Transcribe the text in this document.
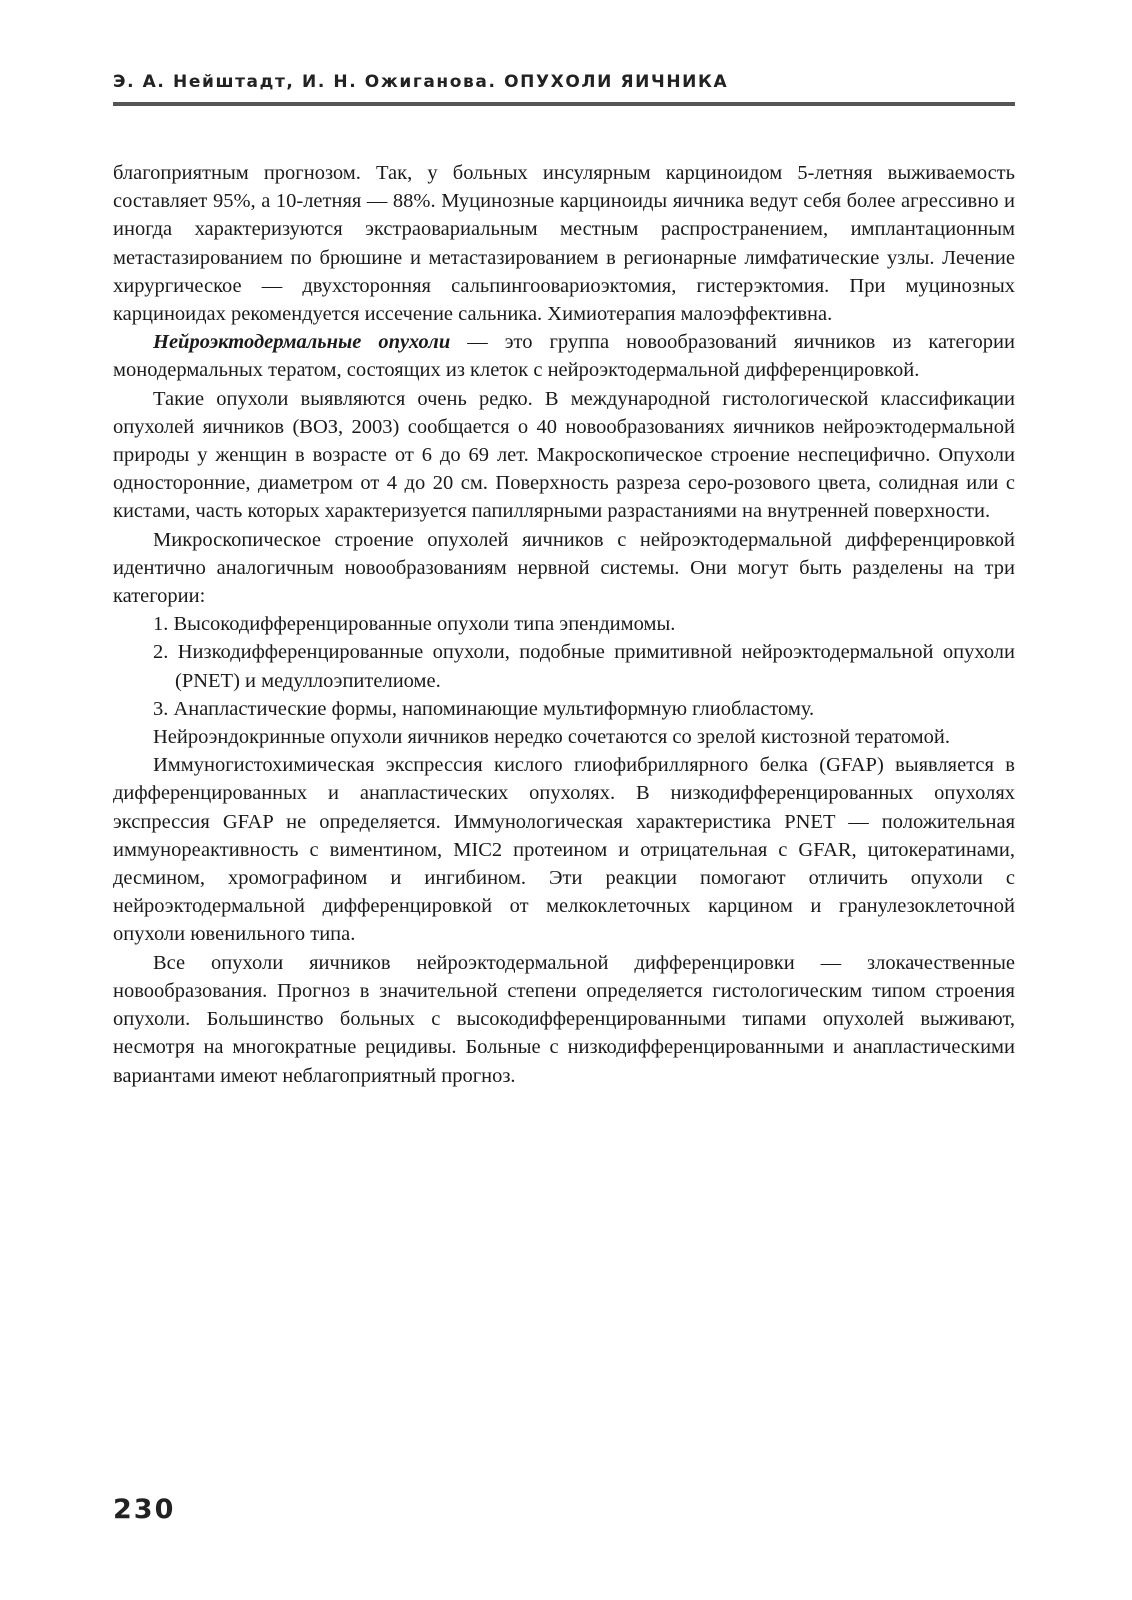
Э. А. Нейштадт, И. Н. Ожиганова. ОПУХОЛИ ЯИЧНИКА

благоприятным прогнозом. Так, у больных инсулярным карциноидом 5-летняя выживаемость составляет 95%, а 10-летняя — 88%. Муцинозные карциноиды яичника ведут себя более агрессивно и иногда характеризуются экстраовариальным местным распространением, имплантационным метастазированием по брюшине и метастазированием в регионарные лимфатические узлы. Лечение хирургическое — двухсторонняя сальпингоовариоэктомия, гистерэктомия. При муцинозных карциноидах рекомендуется иссечение сальника. Химиотерапия малоэффективна.

Нейроэктодермальные опухоли — это группа новообразований яичников из категории монодермальных тератом, состоящих из клеток с нейроэктодермальной дифференцировкой.

Такие опухоли выявляются очень редко. В международной гистологической классификации опухолей яичников (ВОЗ, 2003) сообщается о 40 новообразованиях яичников нейроэктодермальной природы у женщин в возрасте от 6 до 69 лет. Макроскопическое строение неспецифично. Опухоли односторонние, диаметром от 4 до 20 см. Поверхность разреза серо-розового цвета, солидная или с кистами, часть которых характеризуется папиллярными разрастаниями на внутренней поверхности.

Микроскопическое строение опухолей яичников с нейроэктодермальной дифференцировкой идентично аналогичным новообразованиям нервной системы. Они могут быть разделены на три категории:

1. Высокодифференцированные опухоли типа эпендимомы.

2. Низкодифференцированные опухоли, подобные примитивной нейроэктодермальной опухоли (PNET) и медуллоэпителиоме.

3. Анапластические формы, напоминающие мультиформную глиобластому.

Нейроэндокринные опухоли яичников нередко сочетаются со зрелой кистозной тератомой.

Иммуногистохимическая экспрессия кислого глиофибриллярного белка (GFAP) выявляется в дифференцированных и анапластических опухолях. В низкодифференцированных опухолях экспрессия GFAP не определяется. Иммунологическая характеристика PNET — положительная иммунореактивность с виментином, MIC2 протеином и отрицательная с GFAR, цитокератинами, десмином, хромографином и ингибином. Эти реакции помогают отличить опухоли с нейроэктодермальной дифференцировкой от мелкоклеточных карцином и гранулезоклеточной опухоли ювенильного типа.

Все опухоли яичников нейроэктодермальной дифференцировки — злокачественные новообразования. Прогноз в значительной степени определяется гистологическим типом строения опухоли. Большинство больных с высокодифференцированными типами опухолей выживают, несмотря на многократные рецидивы. Больные с низкодифференцированными и анапластическими вариантами имеют неблагоприятный прогноз.

230
